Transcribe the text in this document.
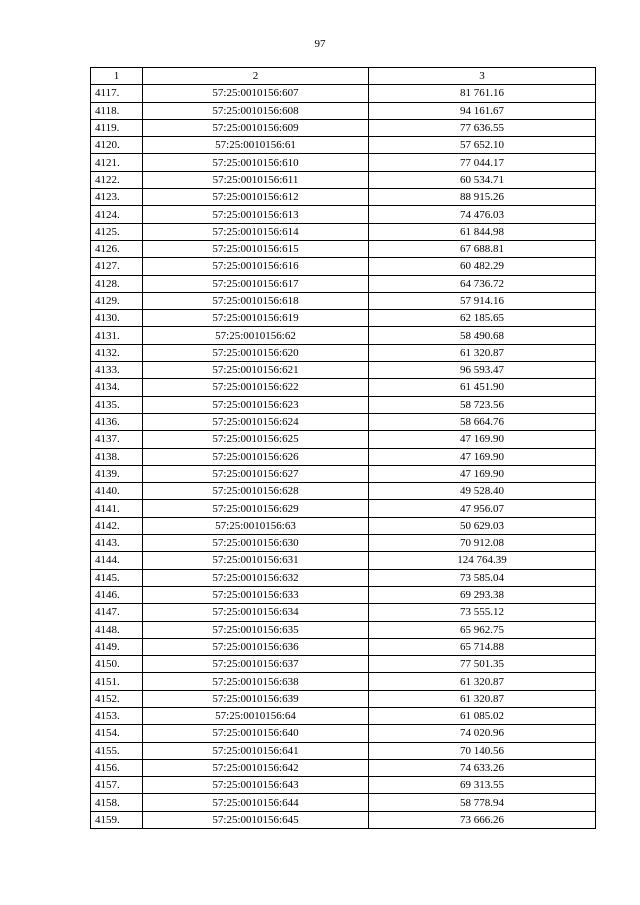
97
1	2	3
4117.	57:25:0010156:607	81 761.16
4118.	57:25:0010156:608	94 161.67
4119.	57:25:0010156:609	77 636.55
4120.	57:25:0010156:61	57 652.10
4121.	57:25:0010156:610	77 044.17
4122.	57:25:0010156:611	60 534.71
4123.	57:25:0010156:612	88 915.26
4124.	57:25:0010156:613	74 476.03
4125.	57:25:0010156:614	61 844.98
4126.	57:25:0010156:615	67 688.81
4127.	57:25:0010156:616	60 482.29
4128.	57:25:0010156:617	64 736.72
4129.	57:25:0010156:618	57 914.16
4130.	57:25:0010156:619	62 185.65
4131.	57:25:0010156:62	58 490.68
4132.	57:25:0010156:620	61 320.87
4133.	57:25:0010156:621	96 593.47
4134.	57:25:0010156:622	61 451.90
4135.	57:25:0010156:623	58 723.56
4136.	57:25:0010156:624	58 664.76
4137.	57:25:0010156:625	47 169.90
4138.	57:25:0010156:626	47 169.90
4139.	57:25:0010156:627	47 169.90
4140.	57:25:0010156:628	49 528.40
4141.	57:25:0010156:629	47 956.07
4142.	57:25:0010156:63	50 629.03
4143.	57:25:0010156:630	70 912.08
4144.	57:25:0010156:631	124 764.39
4145.	57:25:0010156:632	73 585.04
4146.	57:25:0010156:633	69 293.38
4147.	57:25:0010156:634	73 555.12
4148.	57:25:0010156:635	65 962.75
4149.	57:25:0010156:636	65 714.88
4150.	57:25:0010156:637	77 501.35
4151.	57:25:0010156:638	61 320.87
4152.	57:25:0010156:639	61 320.87
4153.	57:25:0010156:64	61 085.02
4154.	57:25:0010156:640	74 020.96
4155.	57:25:0010156:641	70 140.56
4156.	57:25:0010156:642	74 633.26
4157.	57:25:0010156:643	69 313.55
4158.	57:25:0010156:644	58 778.94
4159.	57:25:0010156:645	73 666.26
